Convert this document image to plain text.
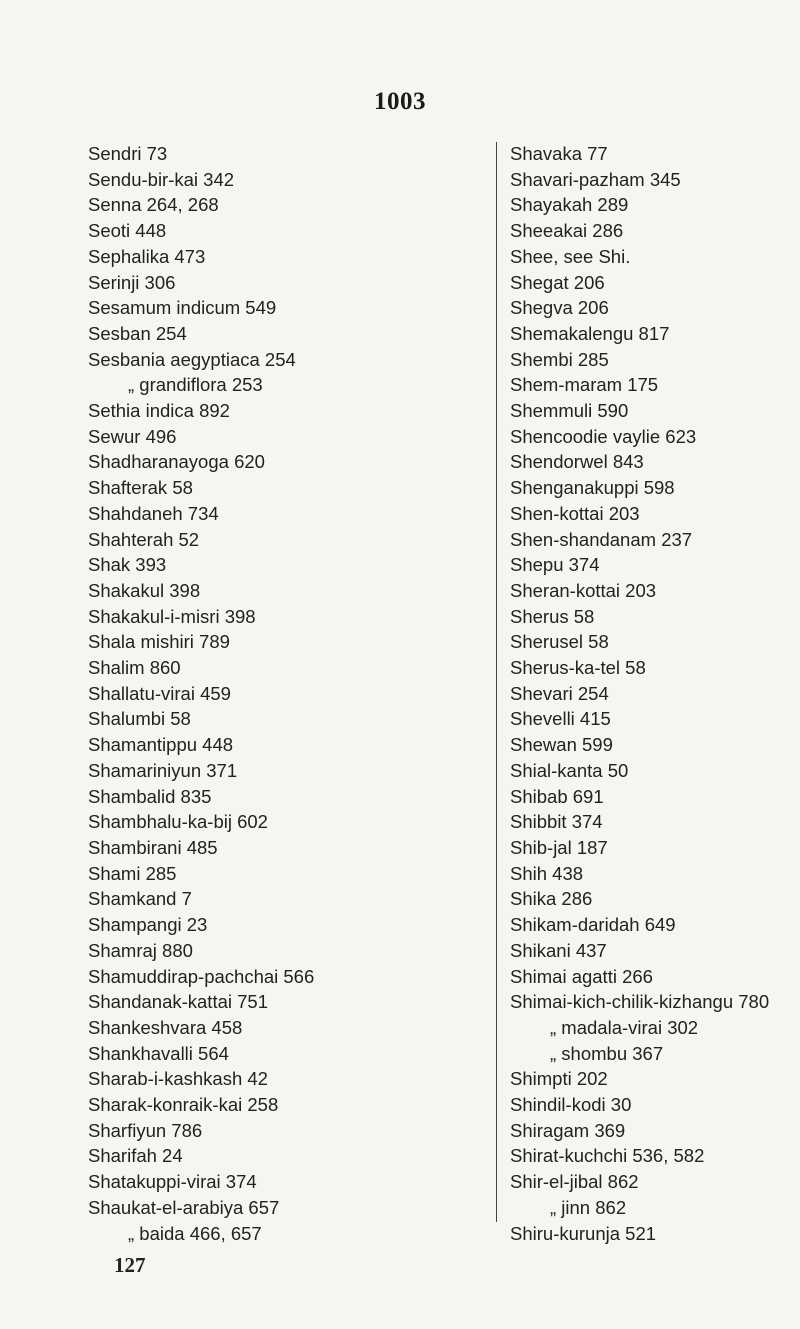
1003
Sendri 73
Sendu-bir-kai 342
Senna 264, 268
Seoti 448
Sephalika 473
Serinji 306
Sesamum indicum 549
Sesban 254
Sesbania aegyptiaca 254
„ grandiflora 253
Sethia indica 892
Sewur 496
Shadharanayoga 620
Shafterak 58
Shahdaneh 734
Shahterah 52
Shak 393
Shakakul 398
Shakakul-i-misri 398
Shala mishiri 789
Shalim 860
Shallatu-virai 459
Shalumbi 58
Shamantippu 448
Shamariniyun 371
Shambalid 835
Shambhalu-ka-bij 602
Shambirani 485
Shami 285
Shamkand 7
Shampangi 23
Shamraj 880
Shamuddirap-pachchai 566
Shandanak-kattai 751
Shankeshvara 458
Shankhavalli 564
Sharab-i-kashkash 42
Sharak-konraik-kai 258
Sharfiyun 786
Sharifah 24
Shatakuppi-virai 374
Shaukat-el-arabiya 657
„ baida 466, 657
Shavaka 77
Shavari-pazham 345
Shayakah 289
Sheeakai 286
Shee, see Shi.
Shegat 206
Shegva 206
Shemakalengu 817
Shembi 285
Shem-maram 175
Shemmuli 590
Shencoodie vaylie 623
Shendorwel 843
Shenganakuppi 598
Shen-kottai 203
Shen-shandanam 237
Shepu 374
Sheran-kottai 203
Sherus 58
Sherusel 58
Sherus-ka-tel 58
Shevari 254
Shevelli 415
Shewan 599
Shial-kanta 50
Shibab 691
Shibbit 374
Shib-jal 187
Shih 438
Shika 286
Shikam-daridah 649
Shikani 437
Shimai agatti 266
Shimai-kich-chilik-kizhangu 780
„ madala-virai 302
„ shombu 367
Shimpti 202
Shindil-kodi 30
Shiragam 369
Shirat-kuchchi 536, 582
Shir-el-jibal 862
„ jinn 862
Shiru-kurunja 521
127
